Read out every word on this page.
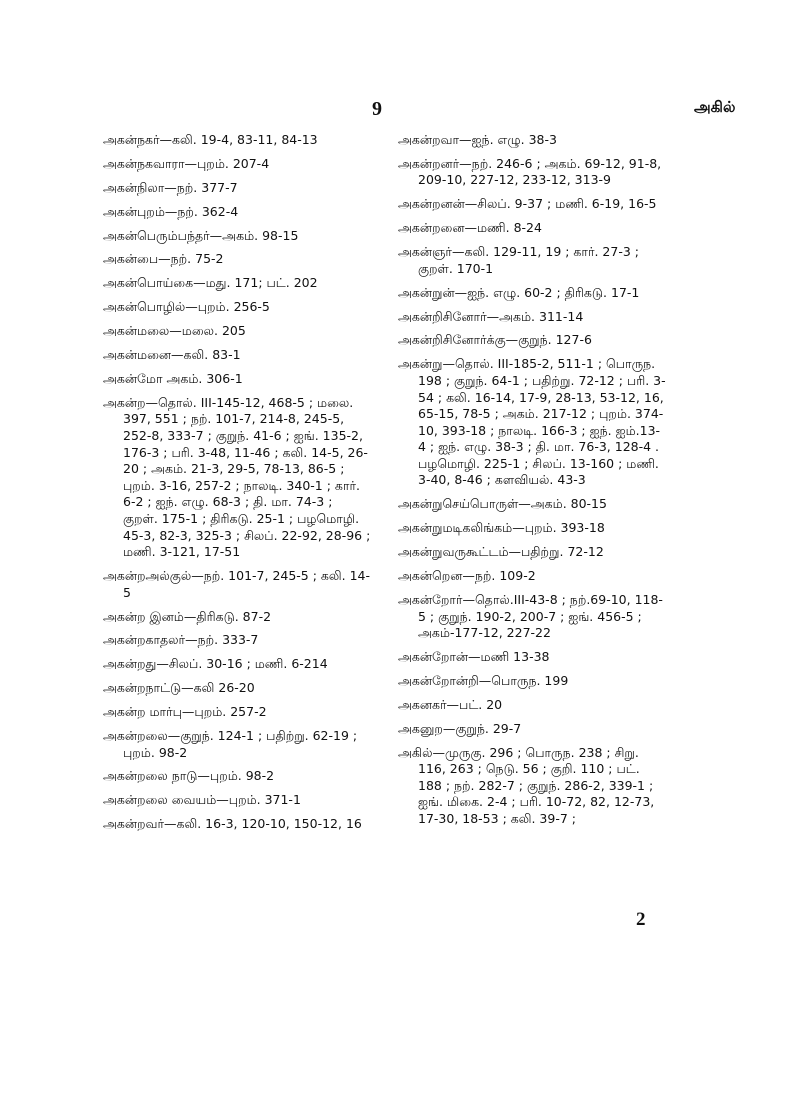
9	அகில்

அகன்நகர்—கலி. 19-4, 83-11, 84-13

அகன்நகவாரா—புறம். 207-4

அகன்நிலா—நற். 377-7

அகன்புறம்—நற். 362-4

அகன்பெரும்பந்தர்—அகம். 98-15

அகன்பை—நற். 75-2

அகன்பொய்கை—மது. 171; பட். 202

அகன்பொழில்—புறம். 256-5

அகன்மலை—மலை. 205

அகன்மனை—கலி. 83-1

அகன்மோ அகம். 306-1

அகன்ற—தொல். III-145-12, 468-5 ; மலை. 397, 551 ; நற். 101-7, 214-8, 245-5, 252-8, 333-7 ; குறுந். 41-6 ; ஐங். 135-2, 176-3 ; பரி. 3-48, 11-46 ; கலி. 14-5, 26-20 ; அகம். 21-3, 29-5, 78-13, 86-5 ; புறம். 3-16, 257-2 ; நாலடி. 340-1 ; கார். 6-2 ; ஐந். எழு. 68-3 ; தி. மா. 74-3 ; குறள். 175-1 ; திரிகடு. 25-1 ; பழமொழி. 45-3, 82-3, 325-3 ; சிலப். 22-92, 28-96 ; மணி. 3-121, 17-51

அகன்றஅல்குல்—நற். 101-7, 245-5 ; கலி. 14-5

அகன்ற இனம்—திரிகடு. 87-2

அகன்றகாதலர்—நற். 333-7

அகன்றது—சிலப். 30-16 ; மணி. 6-214

அகன்றநாட்டு—கலி 26-20

அகன்ற மார்பு—புறம். 257-2

அகன்றலை—குறுந். 124-1 ; பதிற்று. 62-19 ; புறம். 98-2

அகன்றலை நாடு—புறம். 98-2

அகன்றலை வையம்—புறம். 371-1

அகன்றவர்—கலி. 16-3, 120-10, 150-12, 16

அகன்றவா—ஐந். எழு. 38-3

அகன்றனர்—நற். 246-6 ; அகம். 69-12, 91-8, 209-10, 227-12, 233-12, 313-9

அகன்றனன்—சிலப். 9-37 ; மணி. 6-19, 16-5

அகன்றனை—மணி. 8-24

அகன்ஞர்—கலி. 129-11, 19 ; கார். 27-3 ; குறள். 170-1

அகன்றுன்—ஐந். எழு. 60-2 ; திரிகடு. 17-1

அகன்றிசினோர்—அகம். 311-14

அகன்றிசினோர்க்கு—குறுந். 127-6

அகன்று—தொல். III-185-2, 511-1 ; பொருந. 198 ; குறுந். 64-1 ; பதிற்று. 72-12 ; பரி. 3-54 ; கலி. 16-14, 17-9, 28-13, 53-12, 16, 65-15, 78-5 ; அகம். 217-12 ; புறம். 374-10, 393-18 ; நாலடி. 166-3 ; ஐந். ஐம்.13-4 ; ஐந். எழு. 38-3 ; தி. மா. 76-3, 128-4 . பழமொழி. 225-1 ; சிலப். 13-160 ; மணி. 3-40, 8-46 ; களவியல். 43-3

அகன்றுசெய்பொருள்—அகம். 80-15

அகன்றுமடிகலிங்கம்—புறம். 393-18

அகன்றுவருகூட்டம்—பதிற்று. 72-12

அகன்றென—நற். 109-2

அகன்றோர்—தொல்.III-43-8 ; நற்.69-10, 118-5 ; குறுந். 190-2, 200-7 ; ஐங். 456-5 ; அகம்-177-12, 227-22

அகன்றோன்—மணி 13-38

அகன்றோன்றி—பொருந. 199

அகனகர்—பட். 20

அகனுற—குறுந். 29-7

அகில்—முருகு. 296 ; பொருந. 238 ; சிறு. 116, 263 ; நெடு. 56 ; குறி. 110 ; பட். 188 ; நற். 282-7 ; குறுந். 286-2, 339-1 ; ஐங். மிகை. 2-4 ; பரி. 10-72, 82, 12-73, 17-30, 18-53 ; கலி. 39-7 ;

2
